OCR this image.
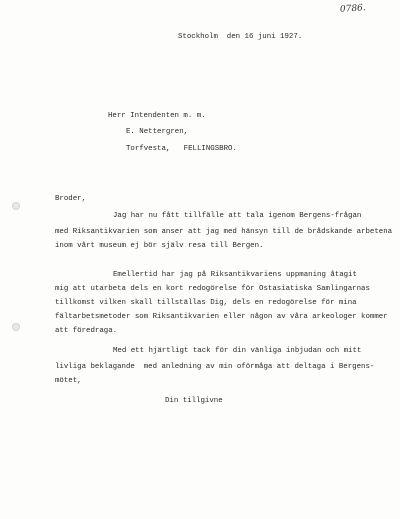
0786.
Stockholm  den 16 juni 1927.
Herr Intendenten m. m.
E. Nettergren,
Torfvesta,   FELLINGSBRO.
Broder,
Jag har nu fått tillfälle att tala igenom Bergens-frågan
med Riksantikvarien som anser att jag med hänsyn till de brådskande arbetena
inom vårt museum ej bör själv resa till Bergen.
Emellertid har jag på Riksantikvariens uppmaning åtagit
mig att utarbeta dels en kort redogörelse för Ostasiatiska Samlingarnas
tillkomst vilken skall tillställas Dig, dels en redogörelse för mina
fältarbetsmetoder som Riksantikvarien eller någon av våra arkeologer kommer
att föredraga.
Med ett hjärtligt tack för din vänliga inbjudan och mitt
livliga beklagande  med anledning av min oförmåga att deltaga i Bergens-
mötet,
Din tillgivne
